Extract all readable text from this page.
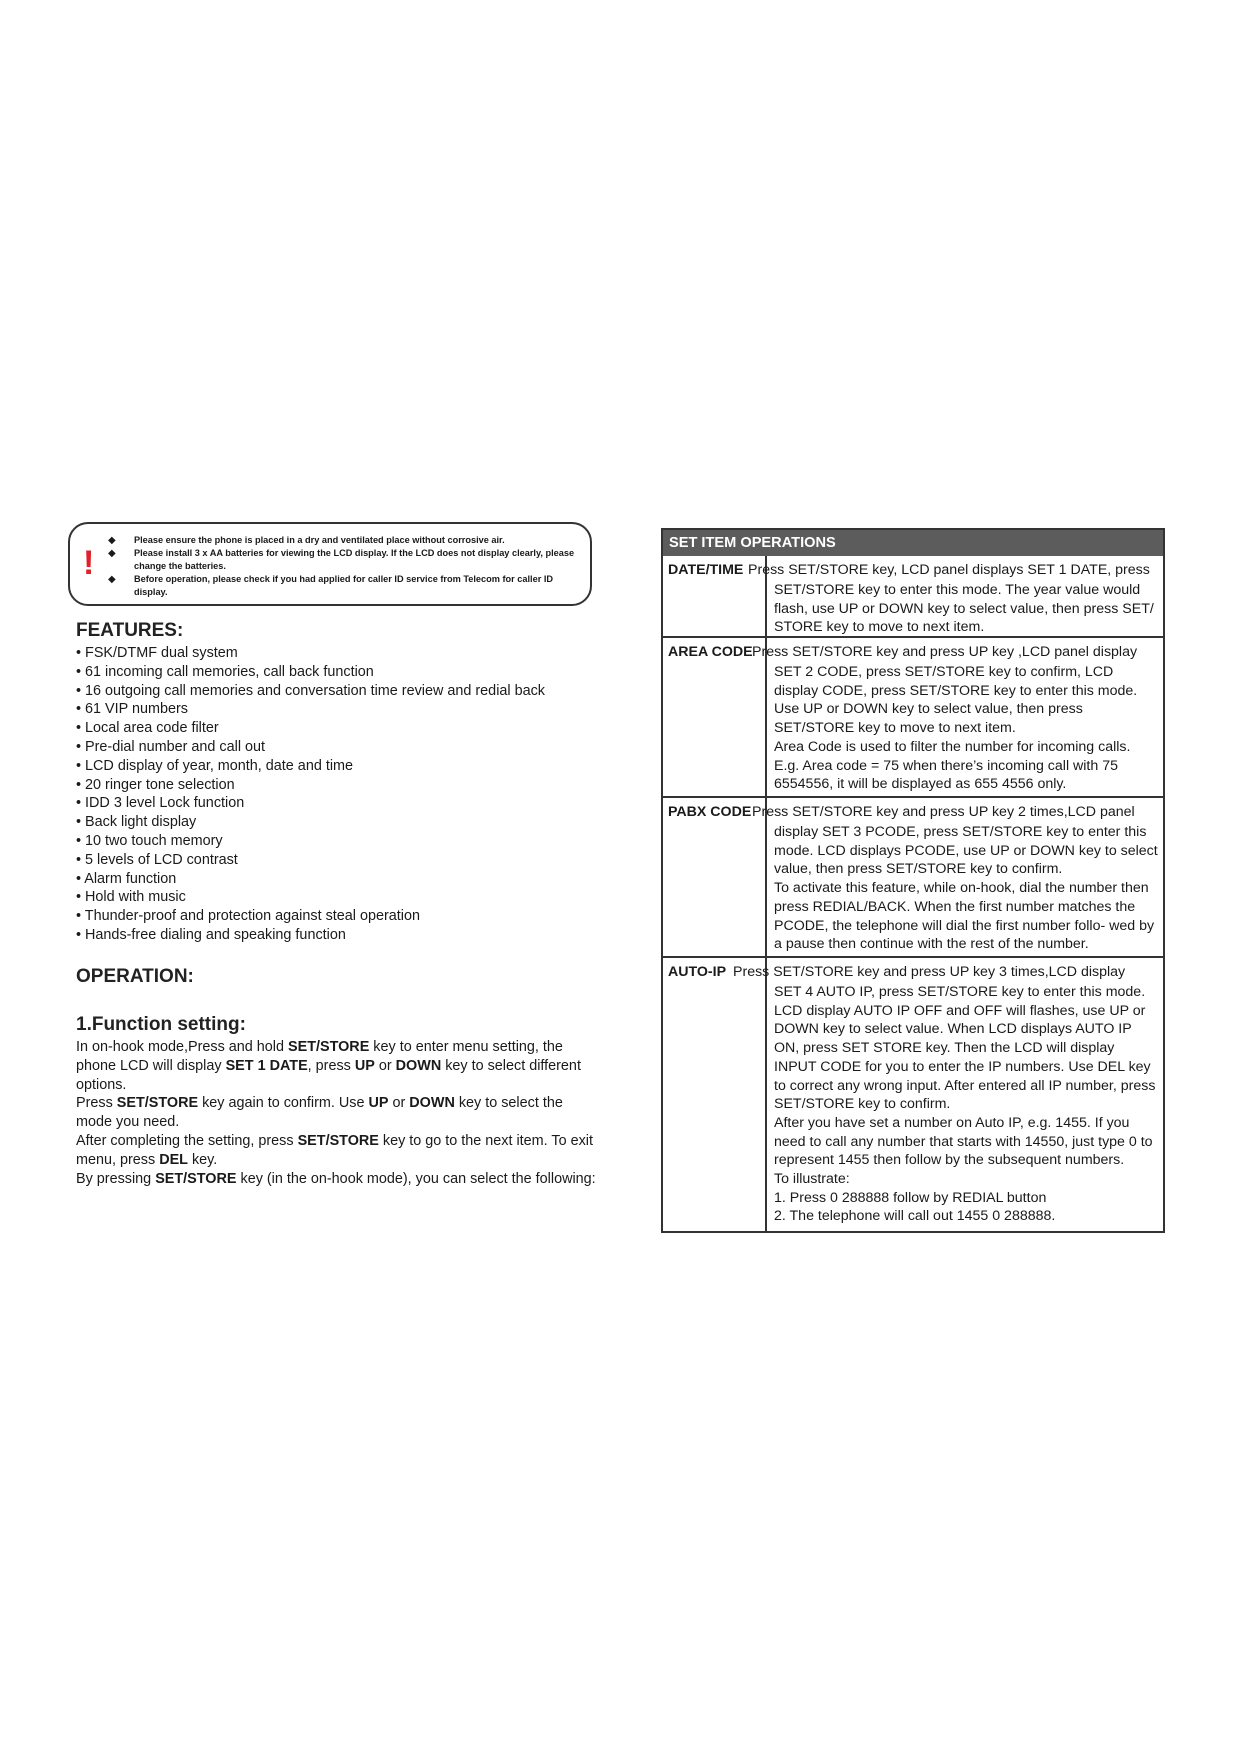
!
◆ Please ensure the phone is placed in a dry and ventilated place without corrosive air.
◆ Please install 3 x AA batteries for viewing the LCD display. If the LCD does not display clearly, please change the batteries.
◆ Before operation, please check if you had applied for caller ID service from Telecom for caller ID display.
FEATURES:
• FSK/DTMF dual system
• 61 incoming call memories, call back function
• 16 outgoing call memories and conversation time review and redial back
• 61 VIP numbers
• Local area code filter
• Pre-dial number and call out
• LCD display of year, month, date and time
• 20 ringer tone selection
• IDD 3 level Lock function
• Back light display
• 10 two touch memory
• 5 levels of LCD contrast
• Alarm function
• Hold with music
• Thunder-proof and protection against steal operation
• Hands-free dialing and speaking function
OPERATION:
1.Function setting:

In on-hook mode,Press and hold SET/STORE key to enter menu setting, the phone LCD will display SET 1 DATE, press UP or DOWN key to select different options.

Press SET/STORE key again to confirm. Use UP or DOWN key to select the mode you need.

After completing the setting, press SET/STORE key to go to the next item. To exit menu, press DEL key.

By pressing SET/STORE key (in the on-hook mode), you can select the following:

SET ITEM OPERATIONS
DATE/TIME Press SET/STORE key, LCD panel displays SET 1 DATE, press

SET/STORE key to enter this mode. The year value would flash, use UP or DOWN key to select value, then press SET/ STORE key to move to next item.

AREA CODE Press SET/STORE key and press UP key ,LCD panel display

SET 2 CODE, press SET/STORE key to confirm, LCD display CODE, press SET/STORE key to enter this mode. Use UP or DOWN key to select value, then press SET/STORE key to move to next item.

Area Code is used to filter the number for incoming calls. E.g. Area code = 75 when there’s incoming call with 75 6554556, it will be displayed as 655 4556 only.

PABX CODE Press SET/STORE key and press UP key 2 times,LCD panel

display SET 3 PCODE, press SET/STORE key to enter this mode. LCD displays PCODE, use UP or DOWN key to select value, then press SET/STORE key to confirm.

To activate this feature, while on-hook, dial the number then press REDIAL/BACK. When the first number matches the PCODE, the telephone will dial the first number follo- wed by a pause then continue with the rest of the number.

AUTO-IP Press SET/STORE key and press UP key 3 times,LCD display

SET 4 AUTO IP, press SET/STORE key to enter this mode. LCD display AUTO IP OFF and OFF will flashes, use UP or DOWN key to select value. When LCD displays AUTO IP ON, press SET STORE key. Then the LCD will display INPUT CODE for you to enter the IP numbers. Use DEL key to correct any wrong input. After entered all IP number, press SET/STORE key to confirm.

After you have set a number on Auto IP, e.g. 1455. If you need to call any number that starts with 14550, just type 0 to represent 1455 then follow by the subsequent numbers.

To illustrate:

1. Press 0 288888 follow by REDIAL button

2. The telephone will call out 1455 0 288888.
